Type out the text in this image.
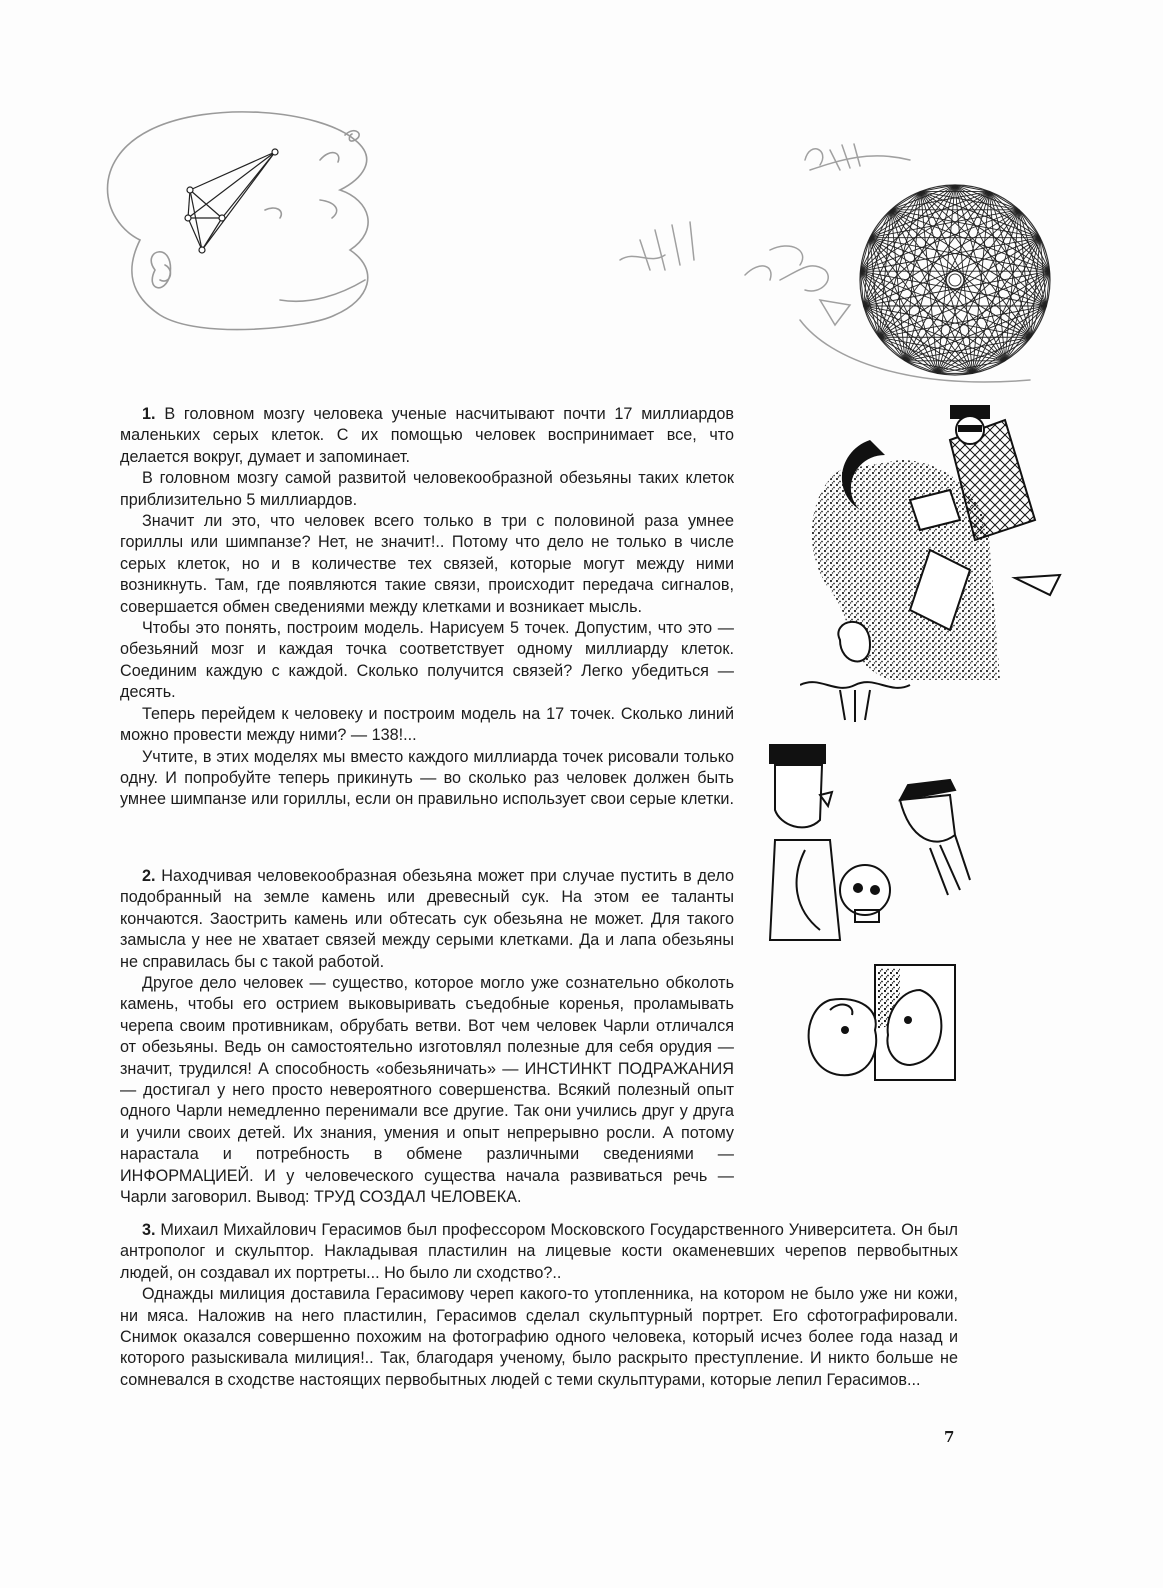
1. В головном мозгу человека ученые насчитывают почти 17 миллиардов маленьких серых клеток. С их помощью человек воспринимает все, что делается вокруг, думает и запоминает.

В головном мозгу самой развитой человекообразной обезьяны таких клеток приблизительно 5 миллиардов.

Значит ли это, что человек всего только в три с половиной раза умнее гориллы или шимпанзе? Нет, не значит!.. Потому что дело не только в числе серых клеток, но и в количестве тех связей, которые могут между ними возникнуть. Там, где появляются такие связи, происходит передача сигналов, совершается обмен сведениями между клетками и возникает мысль.

Чтобы это понять, построим модель. Нарисуем 5 точек. Допустим, что это — обезьяний мозг и каждая точка соответствует одному миллиарду клеток. Соединим каждую с каждой. Сколько получится связей? Легко убедиться — десять.

Теперь перейдем к человеку и построим модель на 17 точек. Сколько линий можно провести между ними? — 138!...

Учтите, в этих моделях мы вместо каждого миллиарда точек рисовали только одну. И попробуйте теперь прикинуть — во сколько раз человек должен быть умнее шимпанзе или гориллы, если он правильно использует свои серые клетки.

2. Находчивая человекообразная обезьяна может при случае пустить в дело подобранный на земле камень или древесный сук. На этом ее таланты кончаются. Заострить камень или обтесать сук обезьяна не может. Для такого замысла у нее не хватает связей между серыми клетками. Да и лапа обезьяны не справилась бы с такой работой.

Другое дело человек — существо, которое могло уже сознательно обколоть камень, чтобы его острием выковыривать съедобные коренья, проламывать черепа своим противникам, обрубать ветви. Вот чем человек Чарли отличался от обезьяны. Ведь он самостоятельно изготовлял полезные для себя орудия — значит, трудился! А способность «обезьяничать» — ИНСТИНКТ ПОДРАЖАНИЯ — достигал у него просто невероятного совершенства. Всякий полезный опыт одного Чарли немедленно перенимали все другие. Так они учились друг у друга и учили своих детей. Их знания, умения и опыт непрерывно росли. А потому нарастала и потребность в обмене различными сведениями — ИНФОРМАЦИЕЙ. И у человеческого существа начала развиваться речь — Чарли заговорил. Вывод: ТРУД СОЗДАЛ ЧЕЛОВЕКА.

3. Михаил Михайлович Герасимов был профессором Московского Государственного Университета. Он был антрополог и скульптор. Накладывая пластилин на лицевые кости окаменевших черепов первобытных людей, он создавал их портреты... Но было ли сходство?..

Однажды милиция доставила Герасимову череп какого-то утопленника, на котором не было уже ни кожи, ни мяса. Наложив на него пластилин, Герасимов сделал скульптурный портрет. Его сфотографировали. Снимок оказался совершенно похожим на фотографию одного человека, который исчез более года назад и которого разыскивала милиция!.. Так, благодаря ученому, было раскрыто преступление. И никто больше не сомневался в сходстве настоящих первобытных людей с теми скульптурами, которые лепил Герасимов...

7
